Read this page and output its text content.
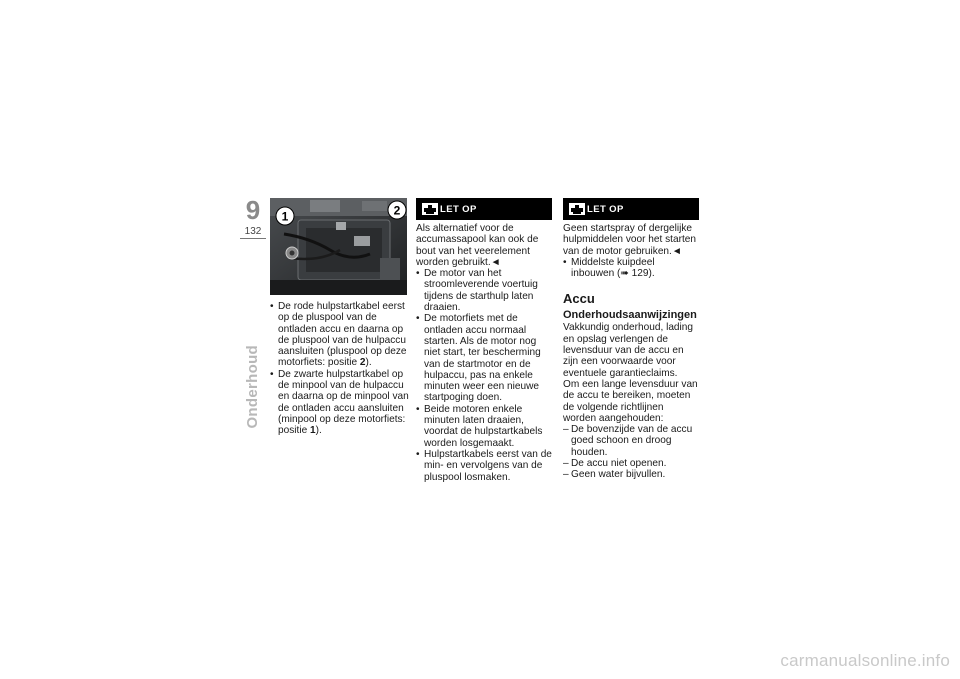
9
132
Onderhoud
1	2
• De rode hulpstartkabel eerst op de pluspool van de ontladen accu en daarna op de pluspool van de hulpaccu aansluiten (pluspool op deze motorfiets: positie 2).
• De zwarte hulpstartkabel op de minpool van de hulpaccu en daarna op de minpool van de ontladen accu aansluiten (minpool op deze motorfiets: positie 1).
LET OP

Als alternatief voor de accumassapool kan ook de bout van het veerelement worden gebruikt.◄

• De motor van het stroomleverende voertuig tijdens de starthulp laten draaien.
• De motorfiets met de ontladen accu normaal starten. Als de motor nog niet start, ter bescherming van de startmotor en de hulpaccu, pas na enkele minuten weer een nieuwe startpoging doen.
• Beide motoren enkele minuten laten draaien, voordat de hulpstartkabels worden losgemaakt.
• Hulpstartkabels eerst van de min- en vervolgens van de pluspool losmaken.
LET OP

Geen startspray of dergelijke hulpmiddelen voor het starten van de motor gebruiken.◄

• Middelste kuipdeel inbouwen (➠ 129).
Accu
Onderhoudsaanwijzingen

Vakkundig onderhoud, lading en opslag verlengen de levensduur van de accu en zijn een voorwaarde voor eventuele garantieclaims.

Om een lange levensduur van de accu te bereiken, moeten de volgende richtlijnen worden aangehouden:

– De bovenzijde van de accu goed schoon en droog houden.
– De accu niet openen.
– Geen water bijvullen.
carmanualsonline.info
